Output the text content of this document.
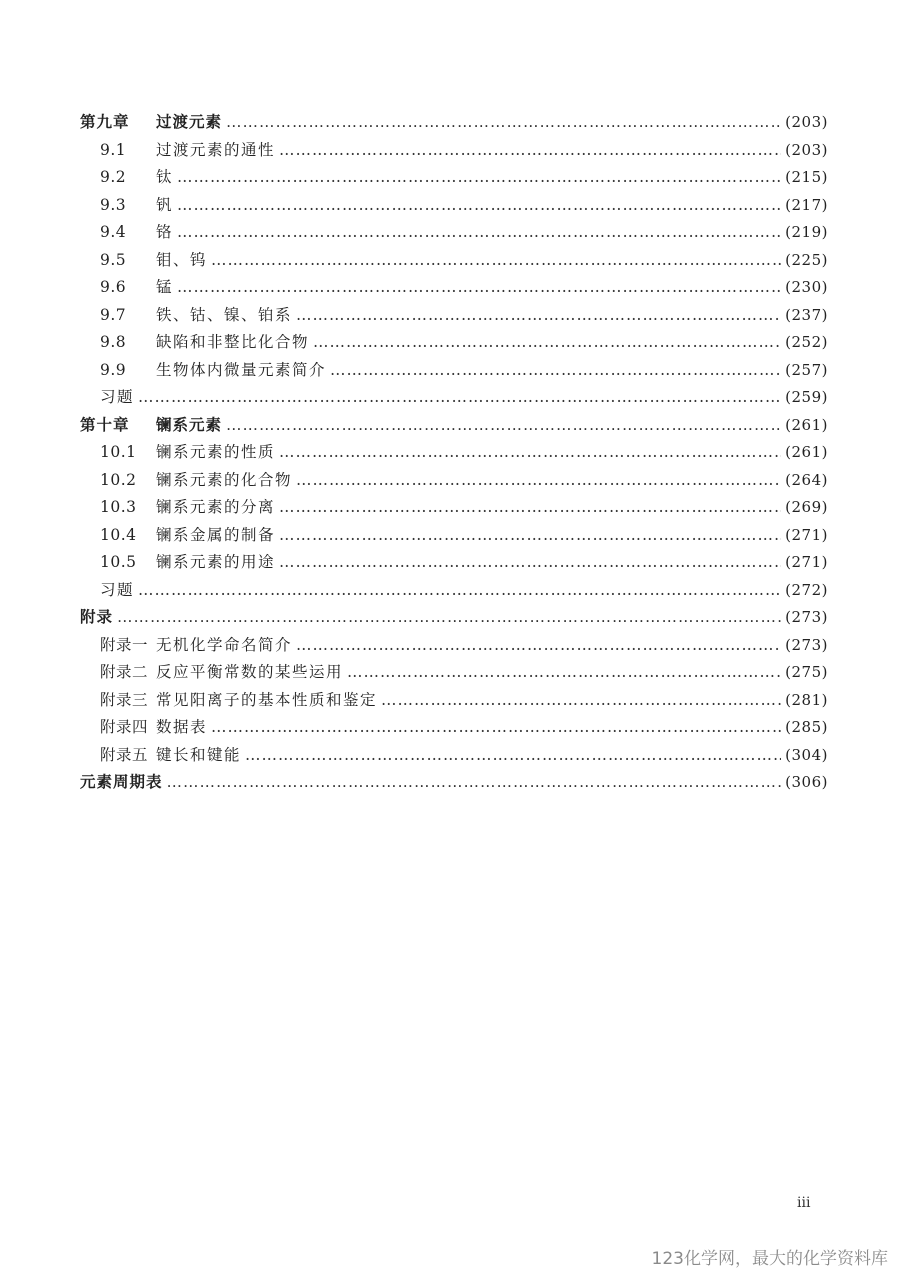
第九章	过渡元素 ………………………………………………………………………………………………………………………………………………………………………………………………………………	(203)
9.1	过渡元素的通性 ………………………………………………………………………………………………………………………………………………………………………………………………………………	(203)
9.2	钛 ………………………………………………………………………………………………………………………………………………………………………………………………………………	(215)
9.3	钒 ………………………………………………………………………………………………………………………………………………………………………………………………………………	(217)
9.4	铬 ………………………………………………………………………………………………………………………………………………………………………………………………………………	(219)
9.5	钼、钨 ………………………………………………………………………………………………………………………………………………………………………………………………………………	(225)
9.6	锰 ………………………………………………………………………………………………………………………………………………………………………………………………………………	(230)
9.7	铁、钴、镍、铂系 ………………………………………………………………………………………………………………………………………………………………………………………………………………	(237)
9.8	缺陷和非整比化合物 ………………………………………………………………………………………………………………………………………………………………………………………………………………	(252)
9.9	生物体内微量元素简介 ………………………………………………………………………………………………………………………………………………………………………………………………………………	(257)
习题 ………………………………………………………………………………………………………………………………………………………………………………………………………………	(259)
第十章	镧系元素 ………………………………………………………………………………………………………………………………………………………………………………………………………………	(261)
10.1	镧系元素的性质 ………………………………………………………………………………………………………………………………………………………………………………………………………………	(261)
10.2	镧系元素的化合物 ………………………………………………………………………………………………………………………………………………………………………………………………………………	(264)
10.3	镧系元素的分离 ………………………………………………………………………………………………………………………………………………………………………………………………………………	(269)
10.4	镧系金属的制备 ………………………………………………………………………………………………………………………………………………………………………………………………………………	(271)
10.5	镧系元素的用途 ………………………………………………………………………………………………………………………………………………………………………………………………………………	(271)
习题 ………………………………………………………………………………………………………………………………………………………………………………………………………………	(272)
附录 ………………………………………………………………………………………………………………………………………………………………………………………………………………	(273)
附录一 无机化学命名简介 ………………………………………………………………………………………………………………………………………………………………………………………………………………	(273)
附录二 反应平衡常数的某些运用 ………………………………………………………………………………………………………………………………………………………………………………………………………………	(275)
附录三 常见阳离子的基本性质和鉴定 ………………………………………………………………………………………………………………………………………………………………………………………………………………	(281)
附录四 数据表 ………………………………………………………………………………………………………………………………………………………………………………………………………………	(285)
附录五 键长和键能 ………………………………………………………………………………………………………………………………………………………………………………………………………………	(304)
元素周期表 ………………………………………………………………………………………………………………………………………………………………………………………………………………	(306)
iii
123化学网，最大的化学资料库
